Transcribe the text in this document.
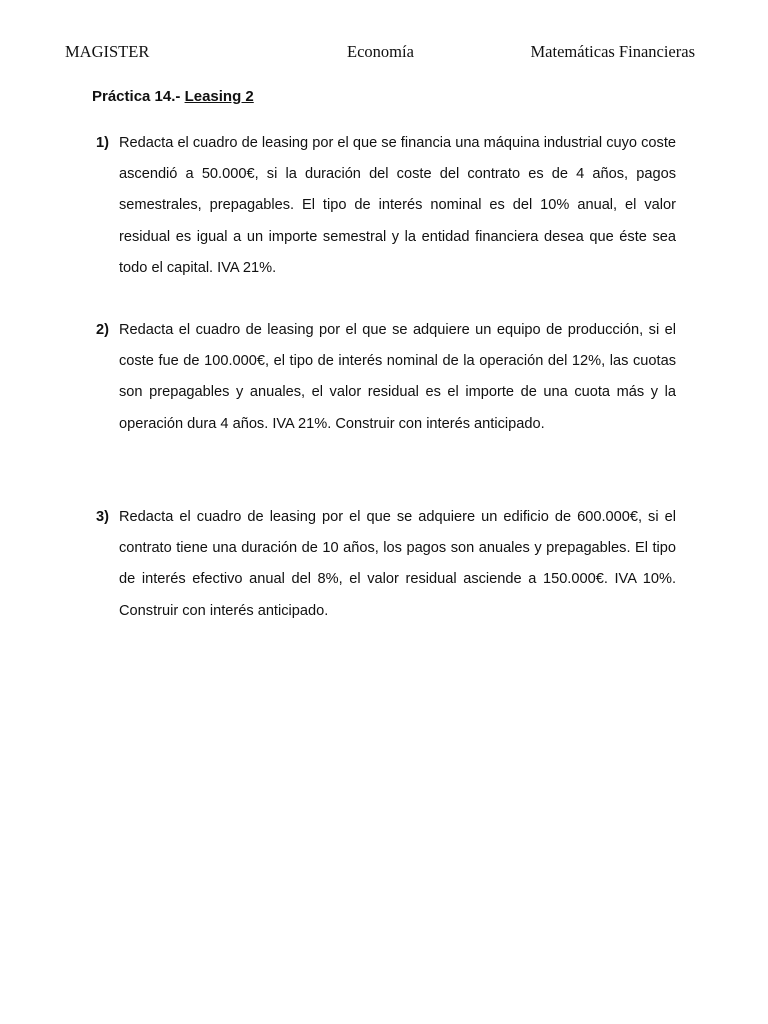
MAGISTER	Economía	Matemáticas Financieras
Práctica 14.- Leasing 2
1) Redacta el cuadro de leasing por el que se financia una máquina industrial cuyo coste ascendió a 50.000€, si la duración del coste del contrato es de 4 años, pagos semestrales, prepagables. El tipo de interés nominal es del 10% anual, el valor residual es igual a un importe semestral y la entidad financiera desea que éste sea todo el capital. IVA 21%.
2) Redacta el cuadro de leasing por el que se adquiere un equipo de producción, si el coste fue de 100.000€, el tipo de interés nominal de la operación del 12%, las cuotas son prepagables y anuales, el valor residual es el importe de una cuota más y la operación dura 4 años. IVA 21%. Construir con interés anticipado.
3) Redacta el cuadro de leasing por el que se adquiere un edificio de 600.000€, si el contrato tiene una duración de 10 años, los pagos son anuales y prepagables. El tipo de interés efectivo anual del 8%, el valor residual asciende a 150.000€. IVA 10%. Construir con interés anticipado.
